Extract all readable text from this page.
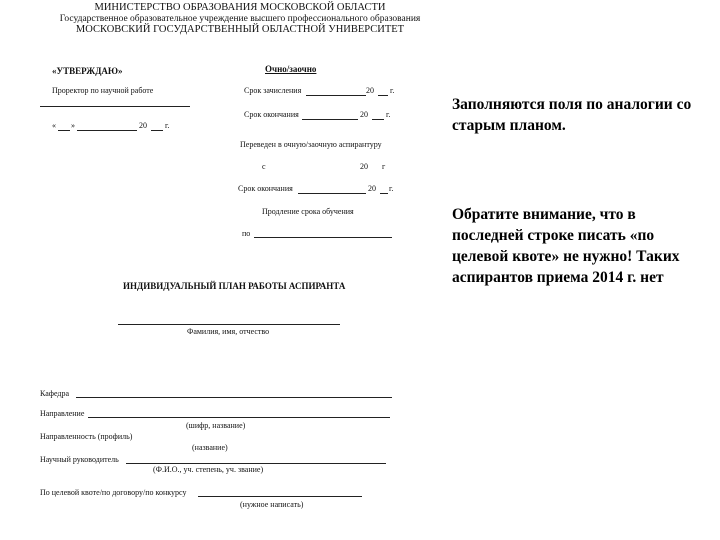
МИНИСТЕРСТВО ОБРАЗОВАНИЯ МОСКОВСКОЙ ОБЛАСТИ
Государственное образовательное учреждение высшего профессионального образования
МОСКОВСКИЙ ГОСУДАРСТВЕННЫЙ ОБЛАСТНОЙ УНИВЕРСИТЕТ
«УТВЕРЖДАЮ»
Проректор по научной работе
« »	20 г.
Очно/заочно
Срок зачисления	20 г.
Срок окончания	20 г.
Переведен в очную/заочную аспирантуру
с	20 г
Срок окончания	20 г.
Продление срока обучения
по
ИНДИВИДУАЛЬНЫЙ ПЛАН РАБОТЫ АСПИРАНТА
Фамилия, имя, отчество
Кафедра
Направление
(шифр, название)
Направленность (профиль)
(название)
Научный руководитель
(Ф.И.О., уч. степень, уч. звание)
По целевой квоте/по договору/по конкурсу
(нужное написать)
Заполняются поля по аналогии со старым планом.
Обратите внимание, что в последней строке писать «по целевой квоте» не нужно! Таких аспирантов приема 2014 г. нет
